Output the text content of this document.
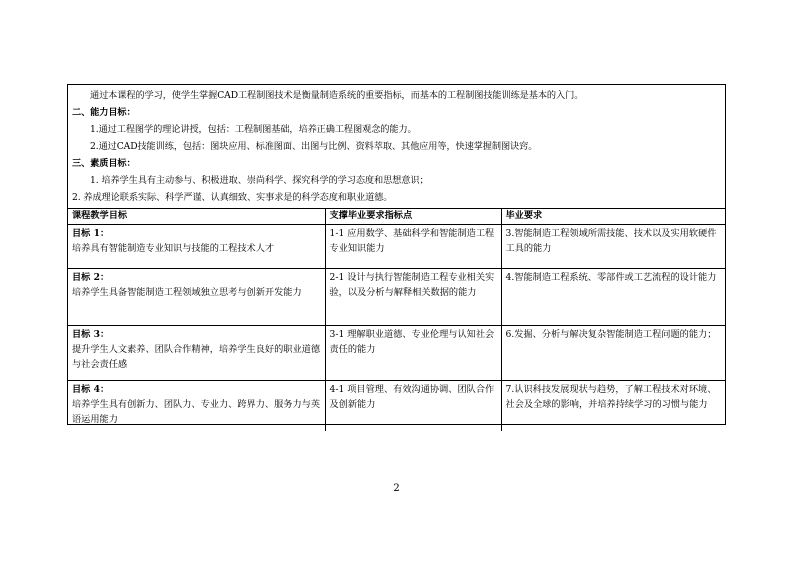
通过本课程的学习，使学生掌握CAD工程制图技术是衡量制造系统的重要指标，而基本的工程制图技能训练是基本的入门。
二、能力目标：
1.通过工程图学的理论讲授，包括：工程制图基础，培养正确工程图观念的能力。
2.通过CAD技能训练，包括：图块应用、标准图面、出图与比例、资料萃取、其他应用等，快速掌握制图诀窍。
三、素质目标：
1. 培养学生具有主动参与、积极进取、崇尚科学、探究科学的学习态度和思想意识；
2. 养成理论联系实际、科学严谨、认真细致、实事求是的科学态度和职业道德。
课程教学目标	支撑毕业要求指标点	毕业要求

目标 1：
培养具有智能制造专业知识与技能的工程技术人才	1-1 应用数学、基础科学和智能制造工程专业知识能力	3.智能制造工程领域所需技能、技术以及实用软硬件工具的能力

目标 2：
培养学生具备智能制造工程领域独立思考与创新开发能力	2-1 设计与执行智能制造工程专业相关实验，以及分析与解释相关数据的能力	4.智能制造工程系统、零部件或工艺流程的设计能力

目标 3：
提升学生人文素养、团队合作精神，培养学生良好的职业道德与社会责任感	3-1 理解职业道德、专业伦理与认知社会责任的能力	6.发掘、分析与解决复杂智能制造工程问题的能力；

目标 4：
培养学生具有创新力、团队力、专业力、跨界力、服务力与英语运用能力	4-1 项目管理、有效沟通协调、团队合作及创新能力	7.认识科技发展现状与趋势，了解工程技术对环境、社会及全球的影响，并培养持续学习的习惯与能力
2
